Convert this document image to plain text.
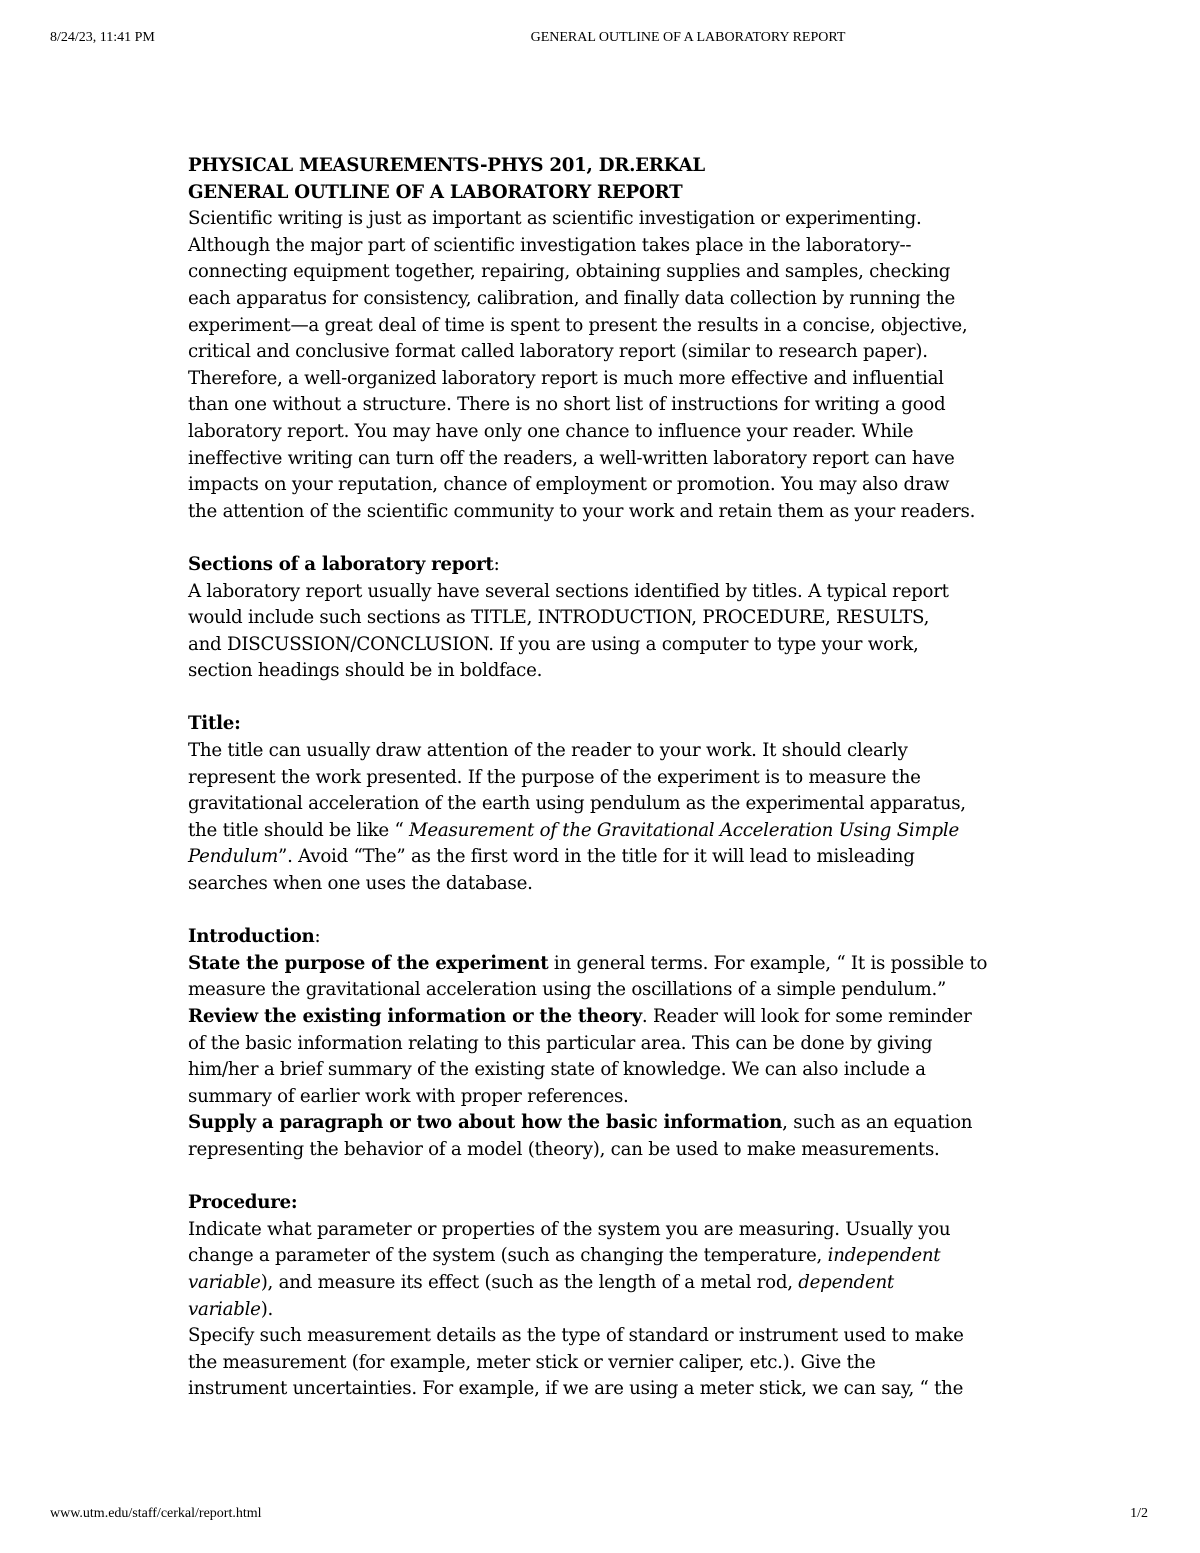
8/24/23, 11:41 PM	GENERAL OUTLINE OF A LABORATORY REPORT
PHYSICAL MEASUREMENTS-PHYS 201, DR.ERKAL
GENERAL OUTLINE OF A LABORATORY REPORT
Scientific writing is just as important as scientific investigation or experimenting.
Although the major part of scientific investigation takes place in the laboratory--
connecting equipment together, repairing, obtaining supplies and samples, checking
each apparatus for consistency, calibration, and finally data collection by running the
experiment—a great deal of time is spent to present the results in a concise, objective,
critical and conclusive format called laboratory report (similar to research paper).
Therefore, a well-organized laboratory report is much more effective and influential
than one without a structure. There is no short list of instructions for writing a good
laboratory report. You may have only one chance to influence your reader. While
ineffective writing can turn off the readers, a well-written laboratory report can have
impacts on your reputation, chance of employment or promotion. You may also draw
the attention of the scientific community to your work and retain them as your readers.
Sections of a laboratory report:
A laboratory report usually have several sections identified by titles. A typical report
would include such sections as TITLE, INTRODUCTION, PROCEDURE, RESULTS,
and DISCUSSION/CONCLUSION. If you are using a computer to type your work,
section headings should be in boldface.
Title:
The title can usually draw attention of the reader to your work. It should clearly
represent the work presented. If the purpose of the experiment is to measure the
gravitational acceleration of the earth using pendulum as the experimental apparatus,
the title should be like “ Measurement of the Gravitational Acceleration Using Simple
Pendulum”. Avoid “The” as the first word in the title for it will lead to misleading
searches when one uses the database.
Introduction:
State the purpose of the experiment in general terms. For example, “ It is possible to
measure the gravitational acceleration using the oscillations of a simple pendulum.”
Review the existing information or the theory. Reader will look for some reminder
of the basic information relating to this particular area. This can be done by giving
him/her a brief summary of the existing state of knowledge. We can also include a
summary of earlier work with proper references.
Supply a paragraph or two about how the basic information, such as an equation
representing the behavior of a model (theory), can be used to make measurements.
Procedure:
Indicate what parameter or properties of the system you are measuring. Usually you
change a parameter of the system (such as changing the temperature, independent
variable), and measure its effect (such as the length of a metal rod, dependent
variable).
Specify such measurement details as the type of standard or instrument used to make
the measurement (for example, meter stick or vernier caliper, etc.). Give the
instrument uncertainties. For example, if we are using a meter stick, we can say, “ the
www.utm.edu/staff/cerkal/report.html	1/2
